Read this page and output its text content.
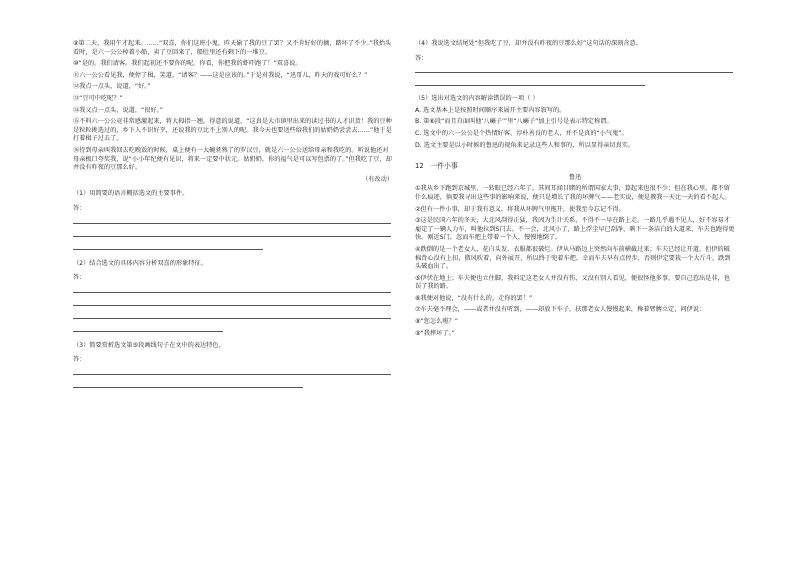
⑨第二天，我用午才起来。……“双喜，你们这班小鬼，昨天偷了我的豆了罢？又不肯好好的摘，踏坏了不少。”我抬头看时，是六一公公棹着小船，卖了豆回来了，船肚里还有剩下的一堆豆。

⑩“是的。我们请客。我们起初还不要你的呢。你看，你把我的虾吓跑了！”双喜说。

⑪六一公公看见我，便停了楫，笑道，“请客？——这是应该的。”于是对我说，“迅哥儿，昨天的戏可好么？”

⑫我点一点头，说道，“好。”

⑬“豆可中吃呢？”

⑭我又点一点头，说道，“很好。”

⑮不料六一公公竟非常感激起来，将大拇指一翘，得意的说道，“这真是大市镇里出来的读过书的人才识货！我的豆种是粒粒挑选过的，乡下人不识好歹，还说我的豆比不上别人的呢。我今天也要送些给我们的姑奶奶尝尝去……”他于是打着楫子过去了。

⑯待到母亲叫我回去吃晚饭的时候，桌上便有一大碗煮熟了的罗汉豆，就是六一公公送给母亲和我吃的。听说他还对母亲极口夸奖我，说“小小年纪便有见识，将来一定要中状元。姑奶奶，你的福气是可以写包票的了。”但我吃了豆，却并没有昨夜的豆那么好。

（有改动）

（1）用简要的语言概括选文的主要事件。

答：

（2）结合选文的具体内容分析双喜的形象特征。

答：

（3）简要赏析选文第⑤段画线句子在文中的表达特色。

答：

（4）我说选文结尾处“但我吃了豆，却并没有昨夜的豆那么好”这句话的深刻含意。

答：

（5）选出对选文的内容解读错误的一项（ ）

A. 选文基本上是按照时间顺序来展开主要内容叙写的。

B. 第⑥段“而且自面叫他‘八癞子’”里“八癞子”加上引号是表示特定称谓。

C. 选文中的六一公公是个热情好客、淳朴善良的老人，并不是真的“小气鬼”。

D. 选文主要是以小时候的鲁迅的视角来记录这些人和事的，所以显得亲切真实。

12　一件小事

鲁迅

①我从乡下跑到京城里，一转眼已经六年了。其间耳闻目睹的所谓国家大事，算起来也很不少；但在我心里，都不留什么痕迹，倘要我寻出这些事的影响来说，便只是增长了我的坏脾气——老实说，便是教我一天比一天的看不起人。

②但有一件小事，却于我有意义，将我从坏脾气里拖开，使我至今忘记不得。

③这是民国六年的冬天，大北风刮得正猛，我因为生计关系，不得不一早在路上走。一路几乎遇不见人，好不容易才雇定了一辆人力车，叫他拉到S门去。不一会，北风小了，路上浮尘早已刮净，剩下一条洁白的大道来，车夫也跑得更快。刚近S门，忽而车把上带着一个人，慢慢地倒了。

④跌倒的是一个老女人，花白头发，衣服都很破烂。伊从马路边上突然向车前横截过来；车夫已经让开道，但伊的破棉背心没有上扣，微风吹着，向外展开，所以终于兜着车把。幸而车夫早有点停步，否则伊定要栽一个大斤斗，跌到头破血出了。

⑤伊伏在地上；车夫便也立住脚。我料定这老女人并没有伤，又没有别人看见，便很怪他多事，要自己惹出是非，也误了我的路。

⑥我便对他说，“没有什么的。走你的罢！”

⑦车夫毫不理会，——或者并没有听到，——却放下车子，扶那老女人慢慢起来，搀着臂膊立定，问伊说：

⑧“您怎么啦？”

⑨“我摔坏了。”
